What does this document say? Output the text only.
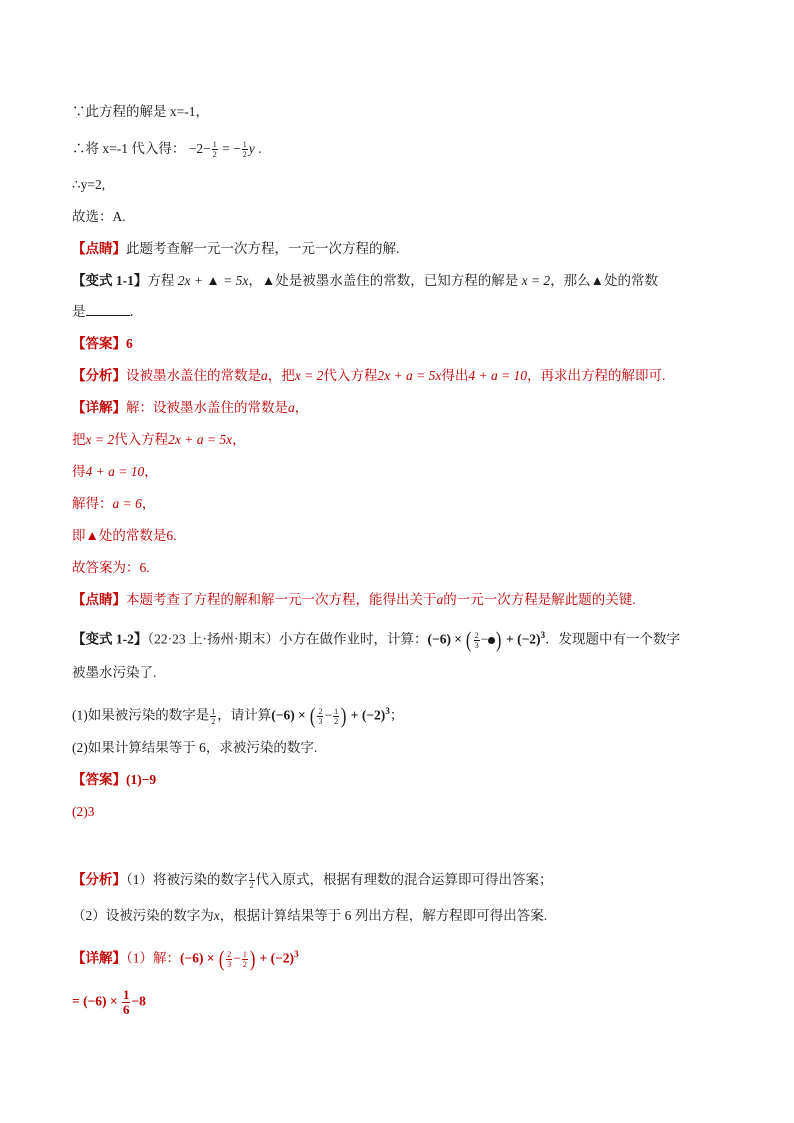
∵此方程的解是 x=-1，
∴将 x=-1 代入得： $-2- \frac{1}{2}$ = − $\frac{1}{2}$ y .
∴y=2,
故选：A.
【点睛】此题考查解一元一次方程，一元一次方程的解.
【变式 1-1】方程 2x + ▲ = 5x，▲处是被墨水盖住的常数，已知方程的解是 x = 2，那么▲处的常数
是	．
【答案】6
【分析】设被墨水盖住的常数是a，把x = 2代入方程2x + a = 5x得出4 + a = 10，再求出方程的解即可.
【详解】解：设被墨水盖住的常数是a，
把x = 2代入方程2x + a = 5x，
得4 + a = 10，
解得：a = 6，
即▲处的常数是6.
故答案为：6.
【点睛】本题考查了方程的解和解一元一次方程，能得出关于a的一元一次方程是解此题的关键.
【变式 1-2】（22·23 上·扬州·期末）小方在做作业时，计算：(−6) × ( $\frac{2}{3}$ − ) + $(-2)^3$．发现题中有一个数字
被墨水污染了.
(1)如果被污染的数字是 $\frac{1}{2}$ ，请计算(−6) × ( $\frac{2}{3} - \frac{1}{2}$ ) + $(-2)^3$；
(2)如果计算结果等于 6，求被污染的数字.
【答案】(1)−9
(2)3
【分析】（1）将被污染的数字 $\frac{1}{2}$ 代入原式，根据有理数的混合运算即可得出答案；
（2）设被污染的数字为x，根据计算结果等于 6 列出方程，解方程即可得出答案.
【详解】（1）解：(−6) × ( $\frac{2}{3} - \frac{1}{2}$ ) + $(-2)^3$
= $(-6) \times \frac{1}{6} -8$
